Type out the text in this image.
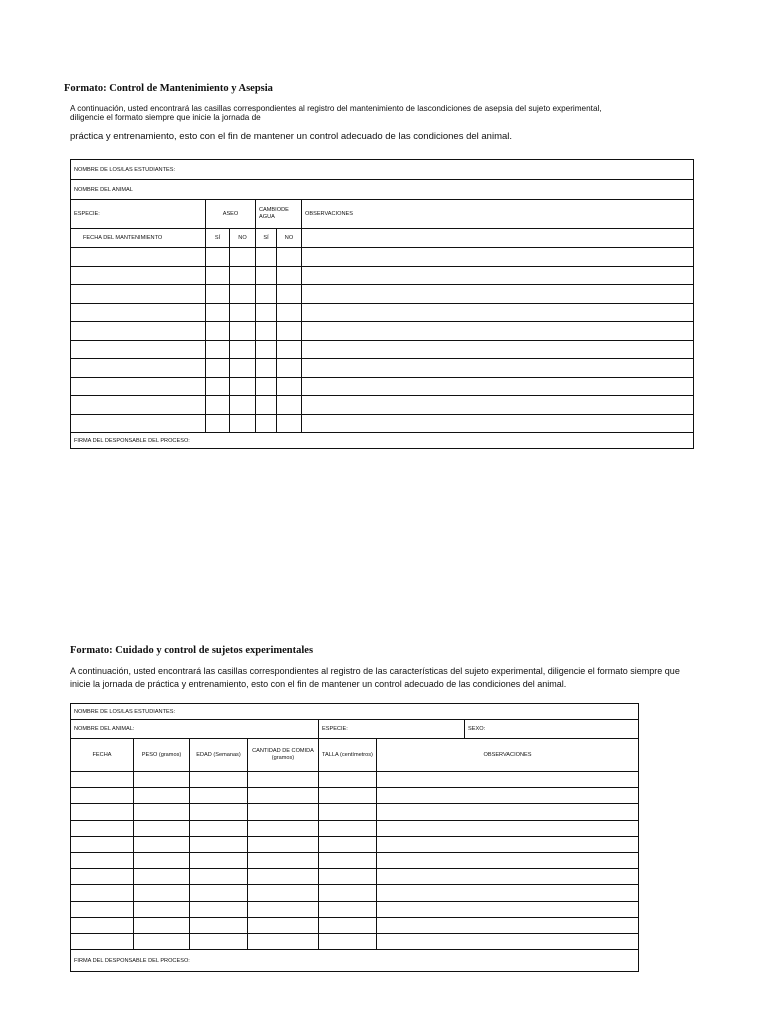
Formato: Control de Mantenimiento y Asepsia
A continuación, usted encontrará las casillas correspondientes al registro del mantenimiento de lascondiciones de asepsia del sujeto experimental,
diligencie el formato siempre que inicie la jornada de
práctica y entrenamiento, esto con el fin de mantener un control adecuado de las condiciones del animal.
NOMBRE DE LOS/LAS ESTUDIANTES:					
NOMBRE DEL ANIMAL					
ESPECIE:	ASEO		CAMBIODE AGUA		OBSERVACIONES
FECHA DEL MANTENIMIENTO	SÍ	NO	SÍ	NO	

FIRMA DEL DESPONSABLE DEL PROCESO:					
Formato: Cuidado y control de sujetos experimentales
A continuación, usted encontrará las casillas correspondientes al registro de las características del sujeto experimental, diligencie el formato siempre que
inicie la jornada de práctica y entrenamiento, esto con el fin de mantener un control adecuado de las condiciones del animal.
NOMBRE DE LOS/LAS ESTUDIANTES:						
NOMBRE DEL ANIMAL:				ESPECIE:		SEXO:
FECHA	PESO (gramos)	EDAD (Semanas)	CANTIDAD DE COMIDA (gramos)	TALLA (centímetros)	OBSERVACIONES	

FIRMA DEL DESPONSABLE DEL PROCESO:						
